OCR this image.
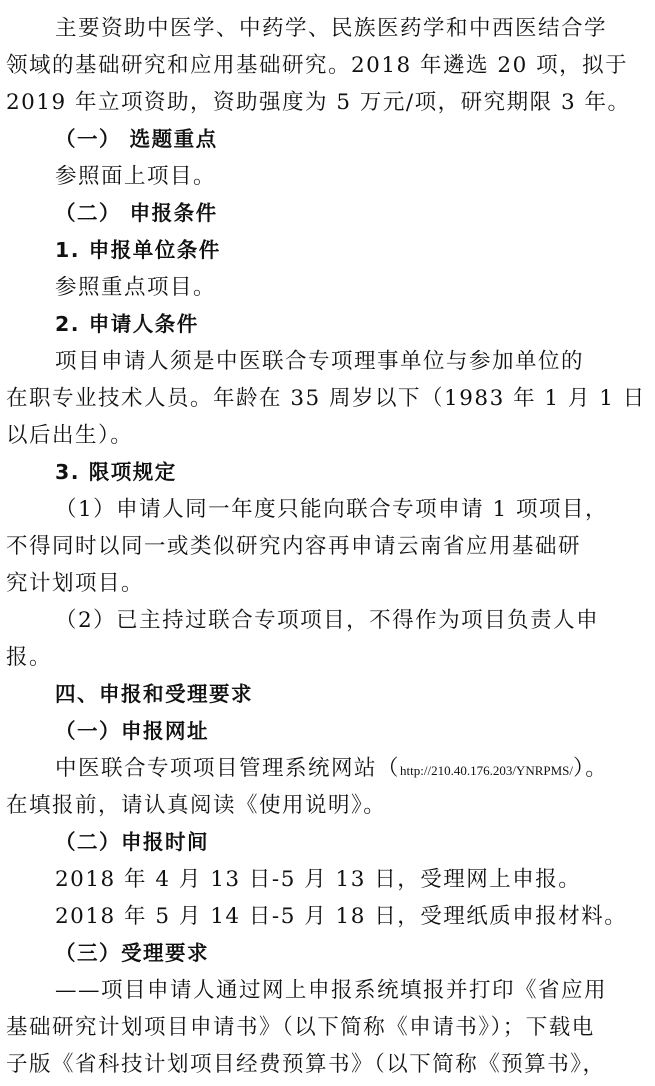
主要资助中医学、中药学、民族医药学和中西医结合学
领域的基础研究和应用基础研究。2018 年遴选 20 项，拟于
2019 年立项资助，资助强度为 5 万元/项，研究期限 3 年。
（一） 选题重点
参照面上项目。
（二） 申报条件
1. 申报单位条件
参照重点项目。
2. 申请人条件
项目申请人须是中医联合专项理事单位与参加单位的
在职专业技术人员。年龄在 35 周岁以下（1983 年 1 月 1 日
以后出生）。
3. 限项规定
（1）申请人同一年度只能向联合专项申请 1 项项目，
不得同时以同一或类似研究内容再申请云南省应用基础研
究计划项目。
（2）已主持过联合专项项目，不得作为项目负责人申
报。
四、申报和受理要求
（一）申报网址
中医联合专项项目管理系统网站（http://210.40.176.203/YNRPMS/）。
在填报前，请认真阅读《使用说明》。
（二）申报时间
2018 年 4 月 13 日-5 月 13 日，受理网上申报。
2018 年 5 月 14 日-5 月 18 日，受理纸质申报材料。
（三）受理要求
——项目申请人通过网上申报系统填报并打印《省应用
基础研究计划项目申请书》（以下简称《申请书》）；下载电
子版《省科技计划项目经费预算书》（以下简称《预算书》，
